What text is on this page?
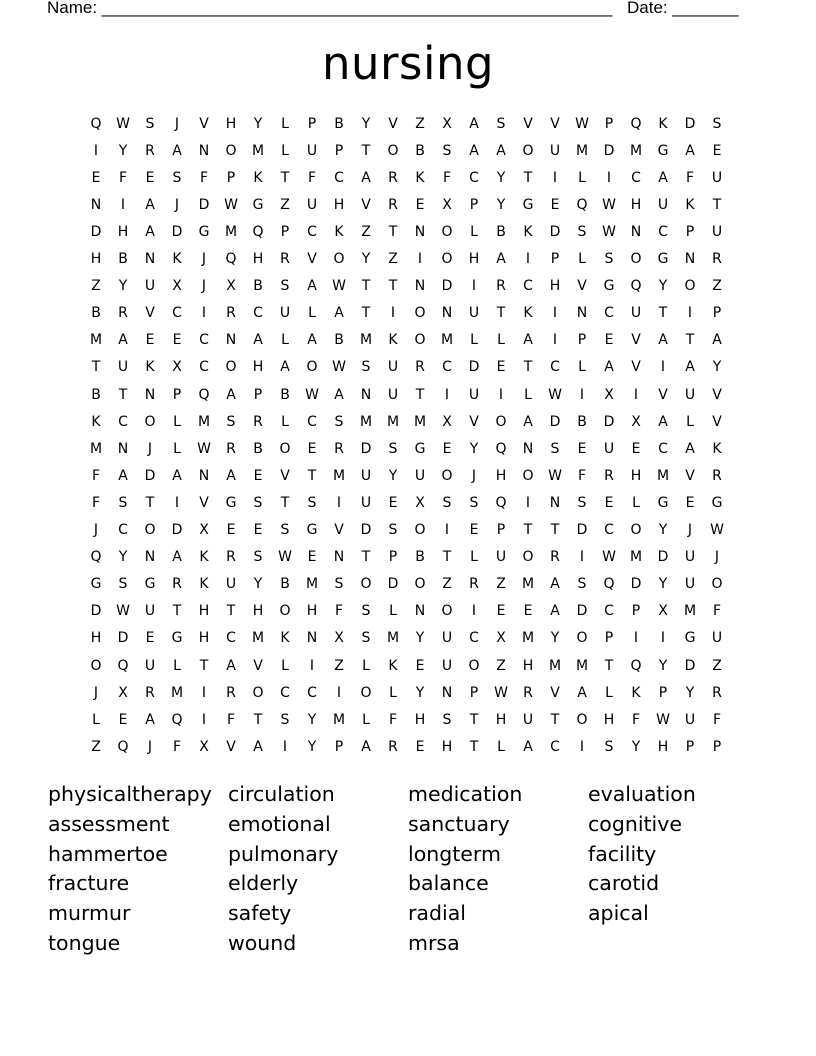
Name: ______________________________________________________ Date: _______
nursing
Q	W	S	J	V	H	Y	L	P	B	Y	V	Z	X	A	S	V	V	W	P	Q	K	D	S
I	Y	R	A	N	O	M	L	U	P	T	O	B	S	A	A	O	U	M	D	M	G	A	E
E	F	E	S	F	P	K	T	F	C	A	R	K	F	C	Y	T	I	L	I	C	A	F	U
N	I	A	J	D	W	G	Z	U	H	V	R	E	X	P	Y	G	E	Q	W	H	U	K	T
D	H	A	D	G	M	Q	P	C	K	Z	T	N	O	L	B	K	D	S	W	N	C	P	U
H	B	N	K	J	Q	H	R	V	O	Y	Z	I	O	H	A	I	P	L	S	O	G	N	R
Z	Y	U	X	J	X	B	S	A	W	T	T	N	D	I	R	C	H	V	G	Q	Y	O	Z
B	R	V	C	I	R	C	U	L	A	T	I	O	N	U	T	K	I	N	C	U	T	I	P
M	A	E	E	C	N	A	L	A	B	M	K	O	M	L	L	A	I	P	E	V	A	T	A
T	U	K	X	C	O	H	A	O	W	S	U	R	C	D	E	T	C	L	A	V	I	A	Y
B	T	N	P	Q	A	P	B	W	A	N	U	T	I	U	I	L	W	I	X	I	V	U	V
K	C	O	L	M	S	R	L	C	S	M	M	M	X	V	O	A	D	B	D	X	A	L	V
M	N	J	L	W	R	B	O	E	R	D	S	G	E	Y	Q	N	S	E	U	E	C	A	K
F	A	D	A	N	A	E	V	T	M	U	Y	U	O	J	H	O	W	F	R	H	M	V	R
F	S	T	I	V	G	S	T	S	I	U	E	X	S	S	Q	I	N	S	E	L	G	E	G
J	C	O	D	X	E	E	S	G	V	D	S	O	I	E	P	T	T	D	C	O	Y	J	W
Q	Y	N	A	K	R	S	W	E	N	T	P	B	T	L	U	O	R	I	W	M	D	U	J
G	S	G	R	K	U	Y	B	M	S	O	D	O	Z	R	Z	M	A	S	Q	D	Y	U	O
D	W	U	T	H	T	H	O	H	F	S	L	N	O	I	E	E	A	D	C	P	X	M	F
H	D	E	G	H	C	M	K	N	X	S	M	Y	U	C	X	M	Y	O	P	I	I	G	U
O	Q	U	L	T	A	V	L	I	Z	L	K	E	U	O	Z	H	M	M	T	Q	Y	D	Z
J	X	R	M	I	R	O	C	C	I	O	L	Y	N	P	W	R	V	A	L	K	P	Y	R
L	E	A	Q	I	F	T	S	Y	M	L	F	H	S	T	H	U	T	O	H	F	W	U	F
Z	Q	J	F	X	V	A	I	Y	P	A	R	E	H	T	L	A	C	I	S	Y	H	P	P
physicaltherapy
assessment
hammertoe
fracture
murmur
tongue
circulation
emotional
pulmonary
elderly
safety
wound
medication
sanctuary
longterm
balance
radial
mrsa
evaluation
cognitive
facility
carotid
apical
